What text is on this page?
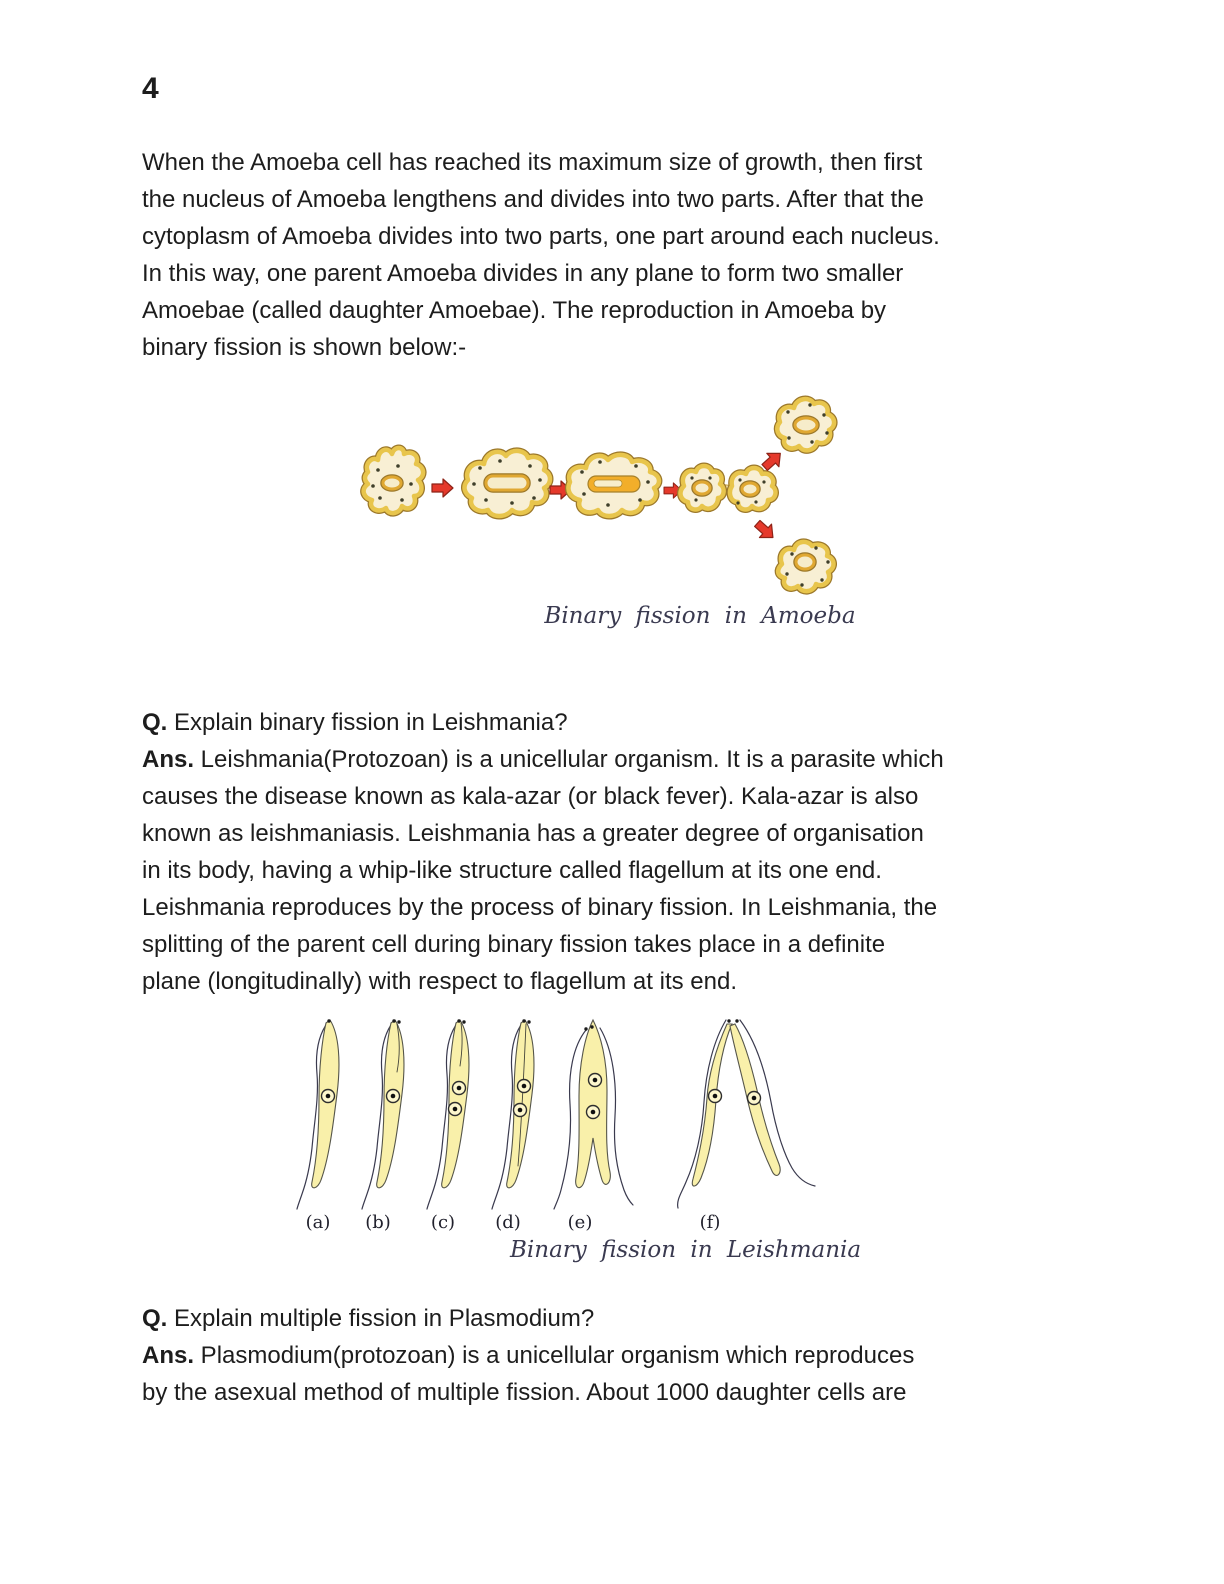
4
When the Amoeba cell has reached its maximum size of growth, then first
the nucleus of Amoeba lengthens and divides into two parts. After that the
cytoplasm of Amoeba divides into two parts, one part around each nucleus.
In this way, one parent Amoeba divides in any plane to form two smaller
Amoebae (called daughter Amoebae). The reproduction in Amoeba by
binary fission is shown below:-
Binary fission in Amoeba
Q. Explain binary fission in Leishmania?
Ans. Leishmania(Protozoan) is a unicellular organism. It is a parasite which
causes the disease known as kala-azar (or black fever). Kala-azar is also
known as leishmaniasis. Leishmania has a greater degree of organisation
in its body, having a whip-like structure called flagellum at its one end.
Leishmania reproduces by the process of binary fission. In Leishmania, the
splitting of the parent cell during binary fission takes place in a definite
plane (longitudinally) with respect to flagellum at its end.
(a) (b) (c) (d)	(e)	(f)
Binary fission in Leishmania
Q. Explain multiple fission in Plasmodium?
Ans. Plasmodium(protozoan) is a unicellular organism which reproduces
by the asexual method of multiple fission. About 1000 daughter cells are
